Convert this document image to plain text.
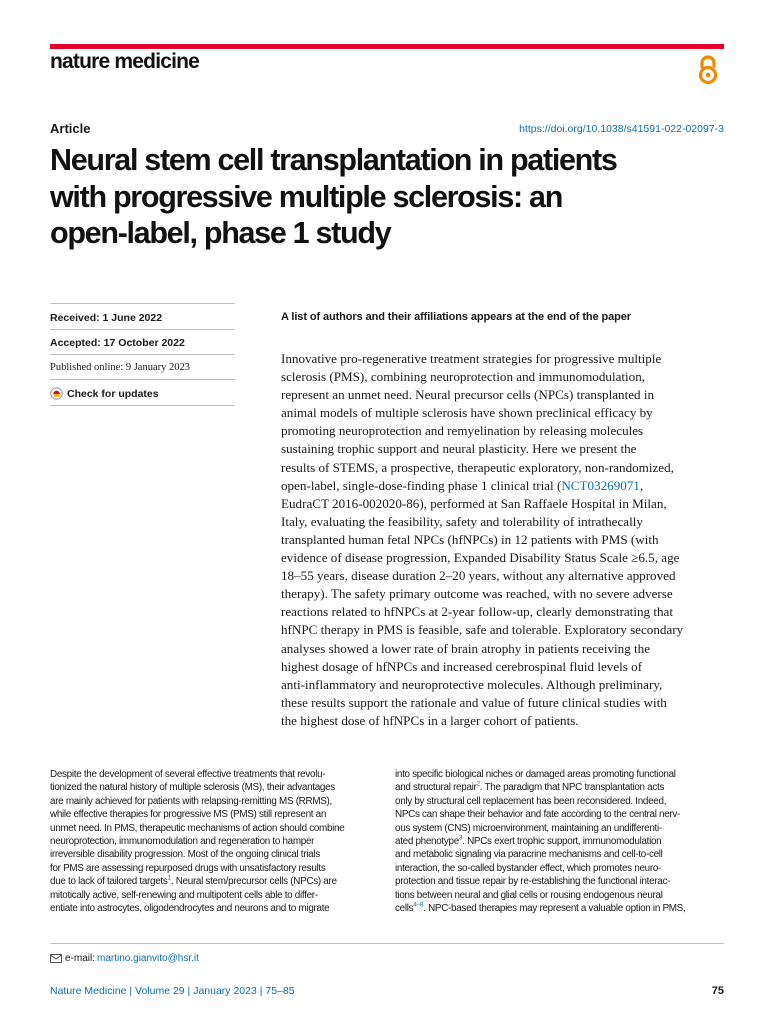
nature medicine
Article	https://doi.org/10.1038/s41591-022-02097-3
Neural stem cell transplantation in patients
with progressive multiple sclerosis: an
open-label, phase 1 study
Received: 1 June 2022
Accepted: 17 October 2022
Published online: 9 January 2023
Check for updates
A list of authors and their affiliations appears at the end of the paper
Innovative pro-regenerative treatment strategies for progressive multiple
sclerosis (PMS), combining neuroprotection and immunomodulation,
represent an unmet need. Neural precursor cells (NPCs) transplanted in
animal models of multiple sclerosis have shown preclinical efficacy by
promoting neuroprotection and remyelination by releasing molecules
sustaining trophic support and neural plasticity. Here we present the
results of STEMS, a prospective, therapeutic exploratory, non-randomized,
open-label, single-dose-finding phase 1 clinical trial (NCT03269071,
EudraCT 2016-002020-86), performed at San Raffaele Hospital in Milan,
Italy, evaluating the feasibility, safety and tolerability of intrathecally
transplanted human fetal NPCs (hfNPCs) in 12 patients with PMS (with
evidence of disease progression, Expanded Disability Status Scale ≥6.5, age
18–55 years, disease duration 2–20 years, without any alternative approved
therapy). The safety primary outcome was reached, with no severe adverse
reactions related to hfNPCs at 2-year follow-up, clearly demonstrating that
hfNPC therapy in PMS is feasible, safe and tolerable. Exploratory secondary
analyses showed a lower rate of brain atrophy in patients receiving the
highest dosage of hfNPCs and increased cerebrospinal fluid levels of
anti-inflammatory and neuroprotective molecules. Although preliminary,
these results support the rationale and value of future clinical studies with
the highest dose of hfNPCs in a larger cohort of patients.
Despite the development of several effective treatments that revolu-
tionized the natural history of multiple sclerosis (MS), their advantages
are mainly achieved for patients with relapsing-remitting MS (RRMS),
while effective therapies for progressive MS (PMS) still represent an
unmet need. In PMS, therapeutic mechanisms of action should combine
neuroprotection, immunomodulation and regeneration to hamper
irreversible disability progression. Most of the ongoing clinical trials
for PMS are assessing repurposed drugs with unsatisfactory results
due to lack of tailored targets$^1$. Neural stem/precursor cells (NPCs) are
mitotically active, self-renewing and multipotent cells able to differ-
entiate into astrocytes, oligodendrocytes and neurons and to migrate
into specific biological niches or damaged areas promoting functional
and structural repair$^2$. The paradigm that NPC transplantation acts
only by structural cell replacement has been reconsidered. Indeed,
NPCs can shape their behavior and fate according to the central nerv-
ous system (CNS) microenvironment, maintaining an undifferenti-
ated phenotype$^3$. NPCs exert trophic support, immunomodulation
and metabolic signaling via paracrine mechanisms and cell-to-cell
interaction, the so-called bystander effect, which promotes neuro-
protection and tissue repair by re-establishing the functional interac-
tions between neural and glial cells or rousing endogenous neural
cells$^{4-8}$. NPC-based therapies may represent a valuable option in PMS,
e-mail: martino.gianvito@hsr.it
Nature Medicine | Volume 29 | January 2023 | 75–85	75
